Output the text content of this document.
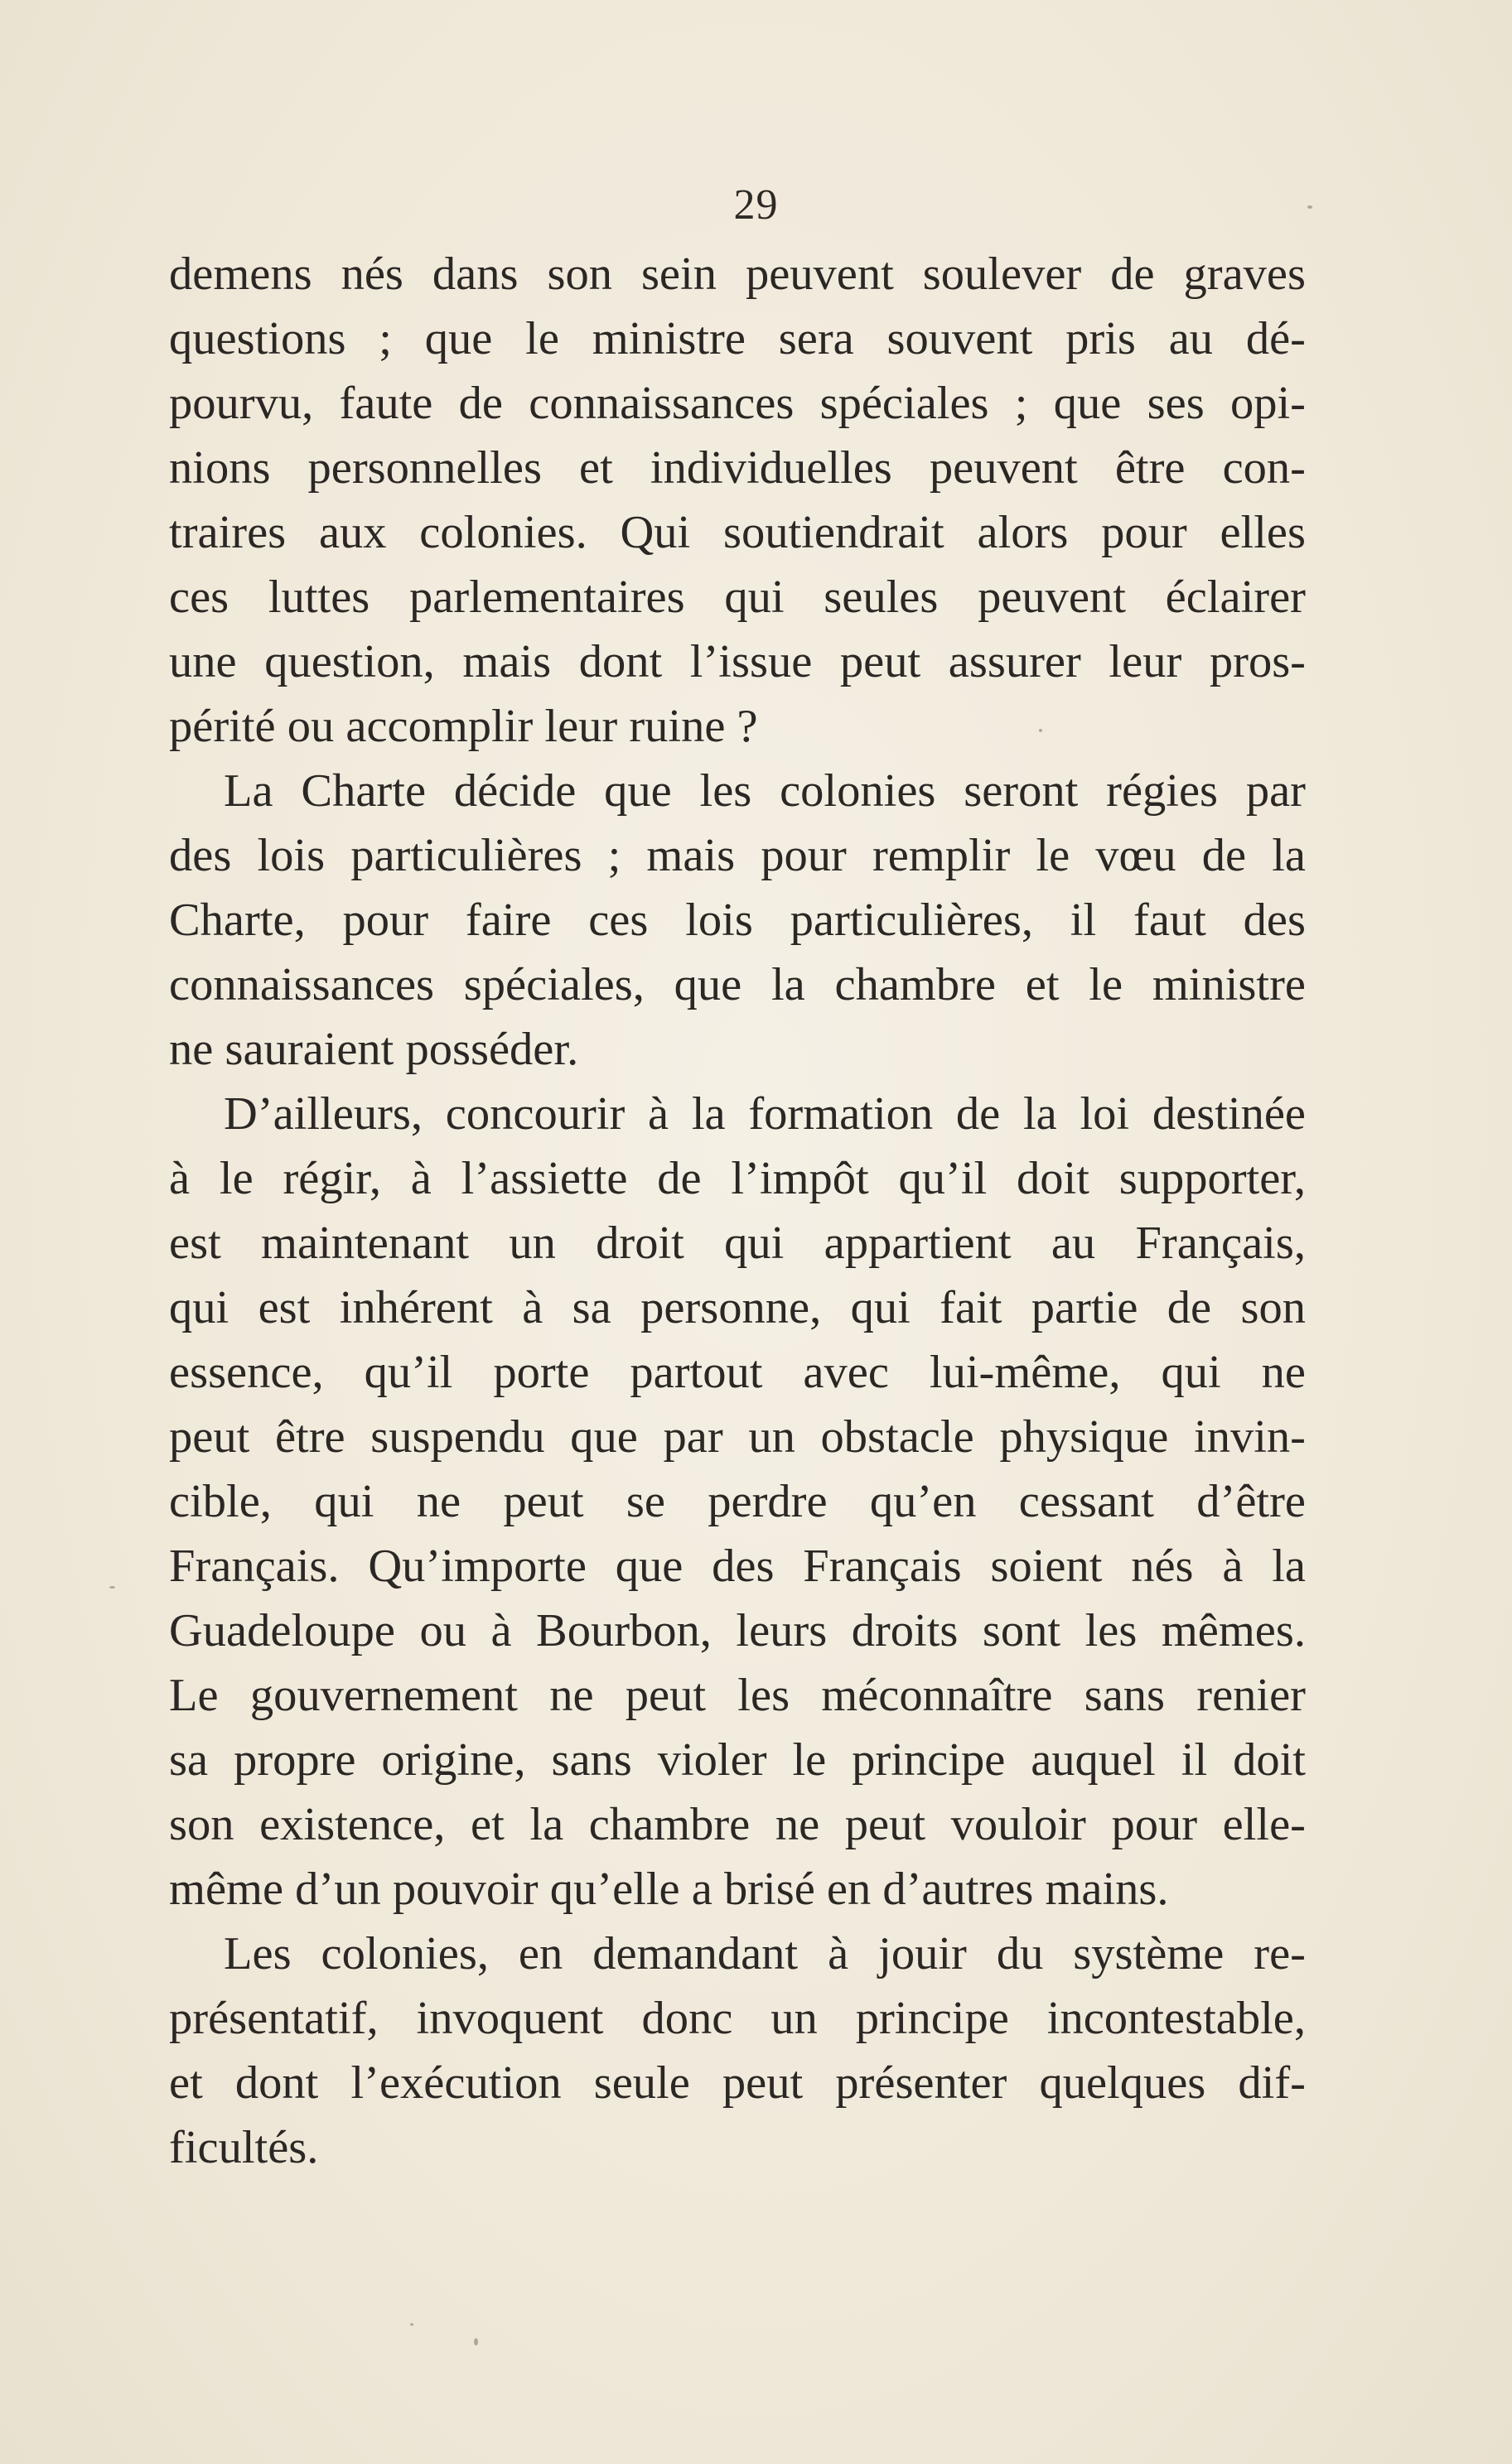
29
demens nés dans son sein peuvent soulever de graves
questions ; que le ministre sera souvent pris au dé-
pourvu, faute de connaissances spéciales ; que ses opi-
nions personnelles et individuelles peuvent être con-
traires aux colonies. Qui soutiendrait alors pour elles
ces luttes parlementaires qui seules peuvent éclairer
une question, mais dont l’issue peut assurer leur pros-
périté ou accomplir leur ruine ?
La Charte décide que les colonies seront régies par
des lois particulières ; mais pour remplir le vœu de la
Charte, pour faire ces lois particulières, il faut des
connaissances spéciales, que la chambre et le ministre
ne sauraient posséder.
D’ailleurs, concourir à la formation de la loi destinée
à le régir, à l’assiette de l’impôt qu’il doit supporter,
est maintenant un droit qui appartient au Français,
qui est inhérent à sa personne, qui fait partie de son
essence, qu’il porte partout avec lui-même, qui ne
peut être suspendu que par un obstacle physique invin-
cible, qui ne peut se perdre qu’en cessant d’être
Français. Qu’importe que des Français soient nés à la
Guadeloupe ou à Bourbon, leurs droits sont les mêmes.
Le gouvernement ne peut les méconnaître sans renier
sa propre origine, sans violer le principe auquel il doit
son existence, et la chambre ne peut vouloir pour elle-
même d’un pouvoir qu’elle a brisé en d’autres mains.
Les colonies, en demandant à jouir du système re-
présentatif, invoquent donc un principe incontestable,
et dont l’exécution seule peut présenter quelques dif-
ficultés.
